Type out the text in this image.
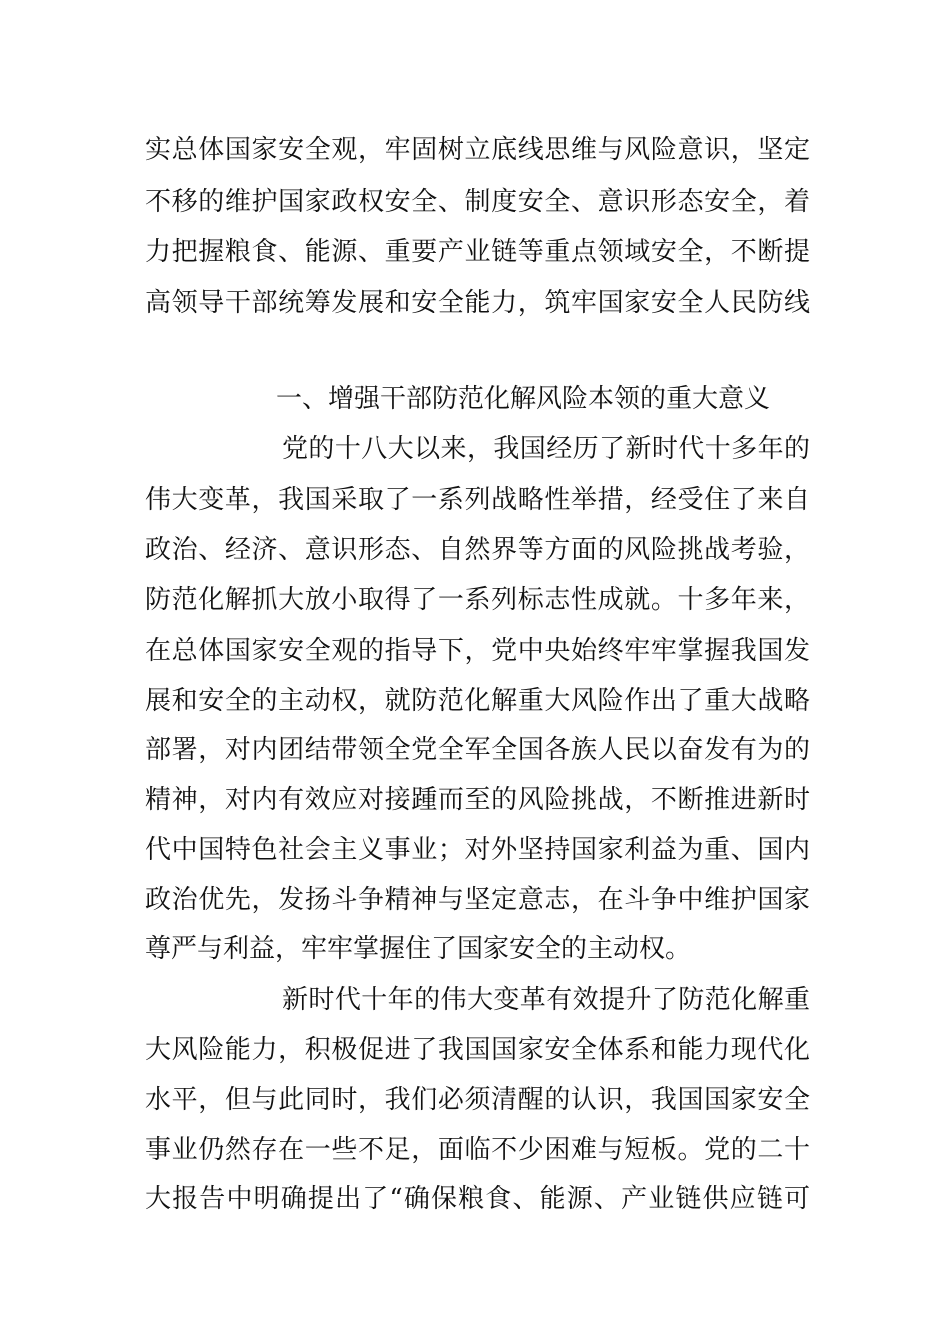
实总体国家安全观，牢固树立底线思维与风险意识，坚定
不移的维护国家政权安全、制度安全、意识形态安全，着
力把握粮食、能源、重要产业链等重点领域安全，不断提
高领导干部统筹发展和安全能力，筑牢国家安全人民防线
一、增强干部防范化解风险本领的重大意义
党的十八大以来，我国经历了新时代十多年的
伟大变革，我国采取了一系列战略性举措，经受住了来自
政治、经济、意识形态、自然界等方面的风险挑战考验，
防范化解抓大放小取得了一系列标志性成就。十多年来，
在总体国家安全观的指导下，党中央始终牢牢掌握我国发
展和安全的主动权，就防范化解重大风险作出了重大战略
部署，对内团结带领全党全军全国各族人民以奋发有为的
精神，对内有效应对接踵而至的风险挑战，不断推进新时
代中国特色社会主义事业；对外坚持国家利益为重、国内
政治优先，发扬斗争精神与坚定意志，在斗争中维护国家
尊严与利益，牢牢掌握住了国家安全的主动权。
新时代十年的伟大变革有效提升了防范化解重
大风险能力，积极促进了我国国家安全体系和能力现代化
水平，但与此同时，我们必须清醒的认识，我国国家安全
事业仍然存在一些不足，面临不少困难与短板。党的二十
大报告中明确提出了“确保粮食、能源、产业链供应链可
